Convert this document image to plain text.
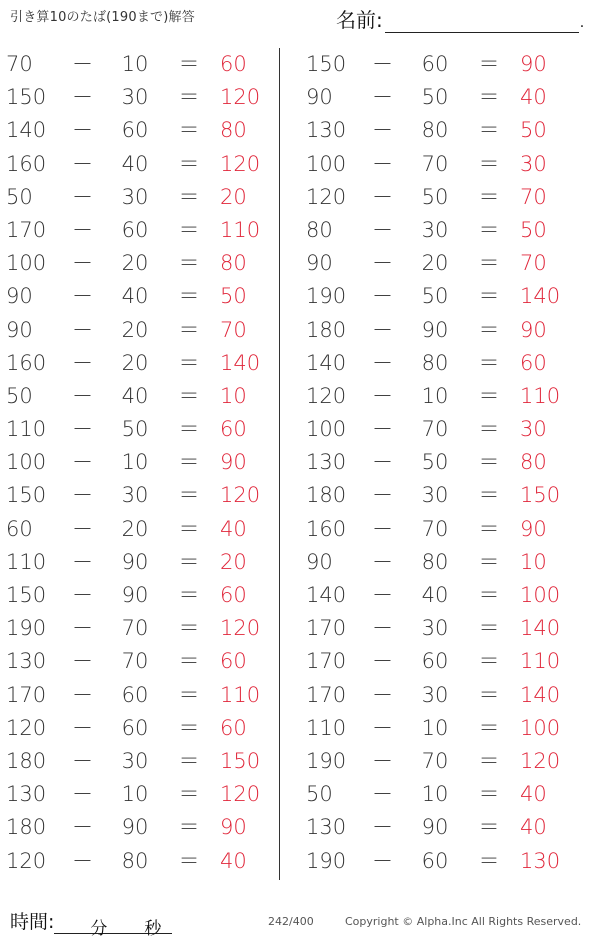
引き算10のたば(190まで)解答	名前:	.
70	－	10	＝ 60
150	－	30	＝ 120
140	－	60	＝ 80
160	－	40	＝ 120
50	－	30	＝ 20
170	－	60	＝ 110
100	－	20	＝ 80
90	－	40	＝ 50
90	－	20	＝ 70
160	－	20	＝ 140
50	－	40	＝ 10
110	－	50	＝ 60
100	－	10	＝ 90
150	－	30	＝ 120
60	－	20	＝ 40
110	－	90	＝ 20
150	－	90	＝ 60
190	－	70	＝ 120
130	－	70	＝ 60
170	－	60	＝ 110
120	－	60	＝ 60
180	－	30	＝ 150
130	－	10	＝ 120
180	－	90	＝ 90
120	－	80	＝ 40
150	－	60	＝ 90
90	－	50	＝ 40
130	－	80	＝ 50
100	－	70	＝ 30
120	－	50	＝ 70
80	－	30	＝ 50
90	－	20	＝ 70
190	－	50	＝ 140
180	－	90	＝ 90
140	－	80	＝ 60
120	－	10	＝ 110
100	－	70	＝ 30
130	－	50	＝ 80
180	－	30	＝ 150
160	－	70	＝ 90
90	－	80	＝ 10
140	－	40	＝ 100
170	－	30	＝ 140
170	－	60	＝ 110
170	－	30	＝ 140
110	－	10	＝ 100
190	－	70	＝ 120
50	－	10	＝ 40
130	－	90	＝ 40
190	－	60	＝ 130
時間: 分 秒	242/400	Copyright © Alpha.Inc All Rights Reserved.
